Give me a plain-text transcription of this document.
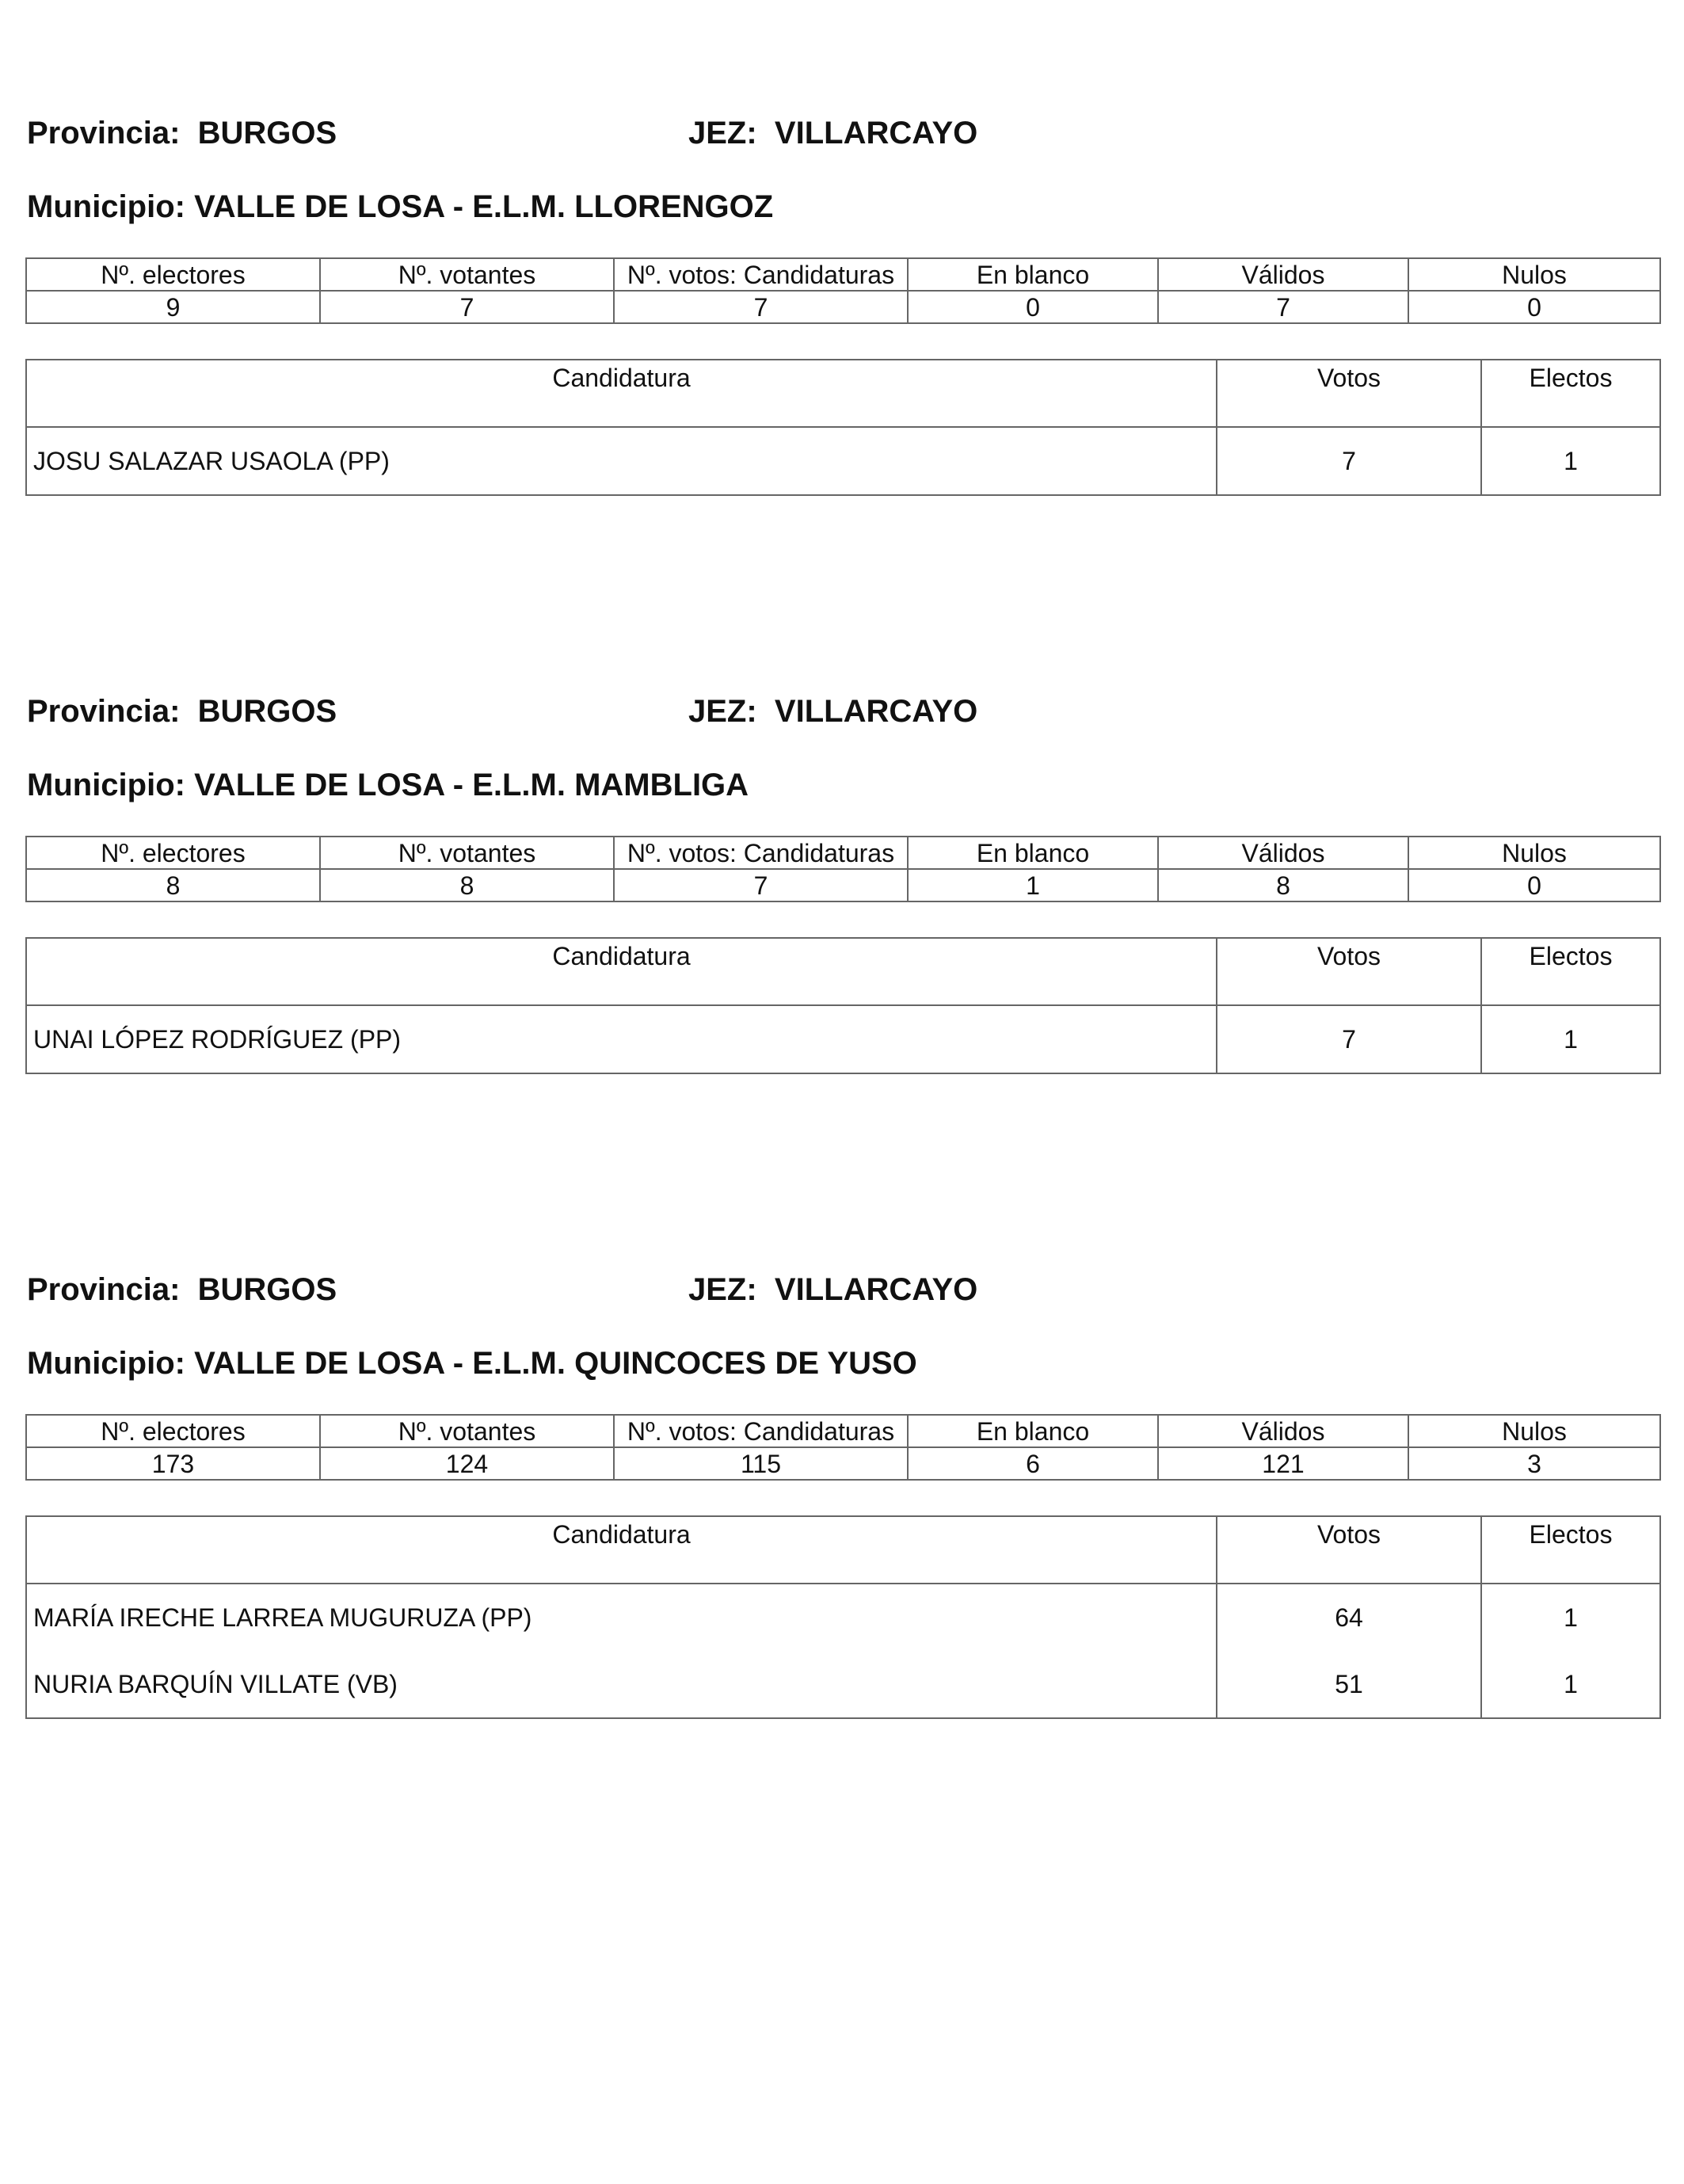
Provincia: BURGOS	JEZ: VILLARCAYO
Municipio: VALLE DE LOSA - E.L.M. LLORENGOZ
Nº. electores	Nº. votantes	Nº. votos: Candidaturas	En blanco	Válidos	Nulos
9	7	7	0	7	0
Candidatura	Votos	Electos
JOSU SALAZAR USAOLA (PP)	7	1
Provincia: BURGOS	JEZ: VILLARCAYO
Municipio: VALLE DE LOSA - E.L.M. MAMBLIGA
Nº. electores	Nº. votantes	Nº. votos: Candidaturas	En blanco	Válidos	Nulos
8	8	7	1	8	0
Candidatura	Votos	Electos
UNAI LÓPEZ RODRÍGUEZ (PP)	7	1
Provincia: BURGOS	JEZ: VILLARCAYO
Municipio: VALLE DE LOSA - E.L.M. QUINCOCES DE YUSO
Nº. electores	Nº. votantes	Nº. votos: Candidaturas	En blanco	Válidos	Nulos
173	124	115	6	121	3
Candidatura	Votos	Electos
MARÍA IRECHE LARREA MUGURUZA (PP)	64	1
NURIA BARQUÍN VILLATE (VB)	51	1
